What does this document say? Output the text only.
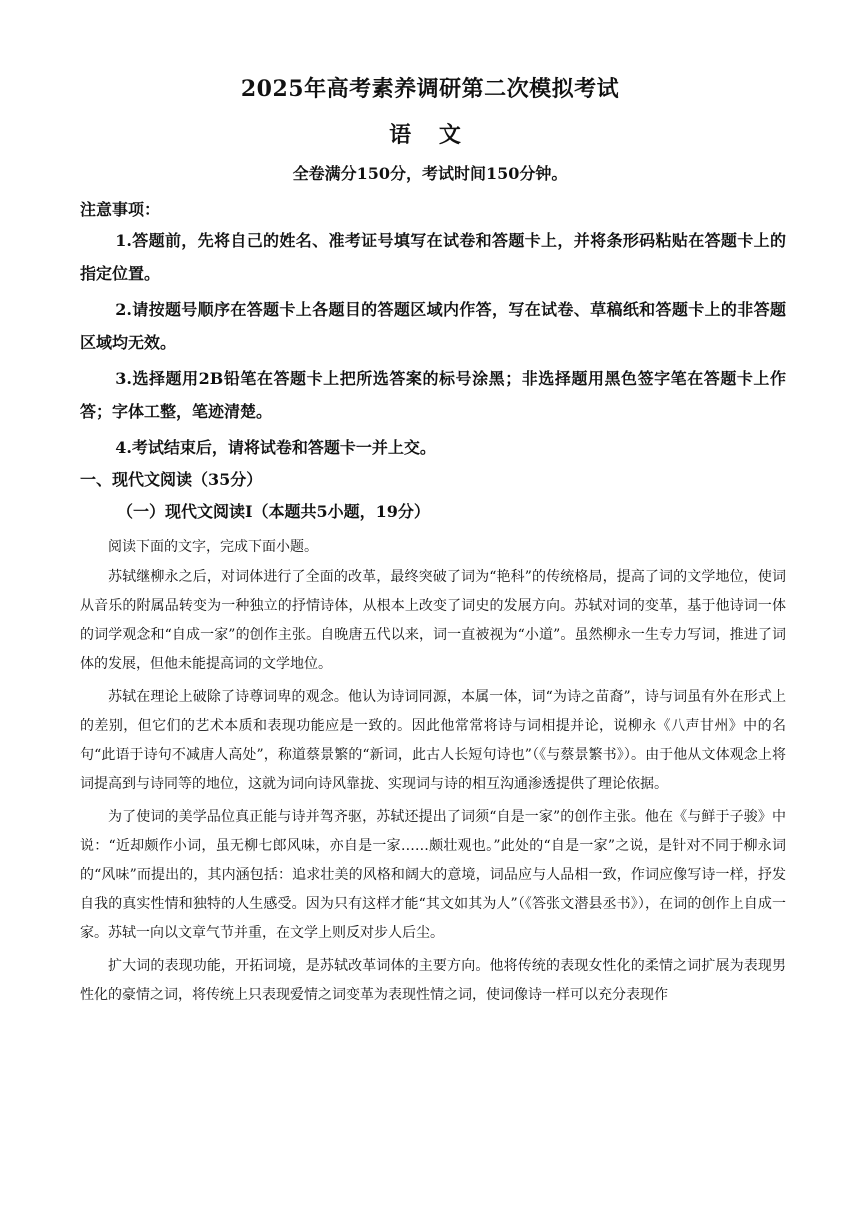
2025年高考素养调研第二次模拟考试
语 文
全卷满分150分，考试时间150分钟。
注意事项：
1.答题前，先将自己的姓名、准考证号填写在试卷和答题卡上，并将条形码粘贴在答题卡上的指定位置。
2.请按题号顺序在答题卡上各题目的答题区域内作答，写在试卷、草稿纸和答题卡上的非答题区域均无效。
3.选择题用2B铅笔在答题卡上把所选答案的标号涂黑；非选择题用黑色签字笔在答题卡上作答；字体工整，笔迹清楚。
4.考试结束后，请将试卷和答题卡一并上交。
一、现代文阅读（35分）
（一）现代文阅读Ⅰ（本题共5小题，19分）
阅读下面的文字，完成下面小题。

苏轼继柳永之后，对词体进行了全面的改革，最终突破了词为“艳科”的传统格局，提高了词的文学地位，使词从音乐的附属品转变为一种独立的抒情诗体，从根本上改变了词史的发展方向。苏轼对词的变革，基于他诗词一体的词学观念和“自成一家”的创作主张。自晚唐五代以来，词一直被视为“小道”。虽然柳永一生专力写词，推进了词体的发展，但他未能提高词的文学地位。

苏轼在理论上破除了诗尊词卑的观念。他认为诗词同源，本属一体，词“为诗之苗裔”，诗与词虽有外在形式上的差别，但它们的艺术本质和表现功能应是一致的。因此他常常将诗与词相提并论，说柳永《八声甘州》中的名句“此语于诗句不减唐人高处”，称道蔡景繁的“新词，此古人长短句诗也”（《与蔡景繁书》）。由于他从文体观念上将词提高到与诗同等的地位，这就为词向诗风靠拢、实现词与诗的相互沟通渗透提供了理论依据。

为了使词的美学品位真正能与诗并驾齐驱，苏轼还提出了词须“自是一家”的创作主张。他在《与鲜于子骏》中说：“近却颇作小词，虽无柳七郎风味，亦自是一家……颇壮观也。”此处的“自是一家”之说，是针对不同于柳永词的“风味”而提出的，其内涵包括：追求壮美的风格和阔大的意境，词品应与人品相一致，作词应像写诗一样，抒发自我的真实性情和独特的人生感受。因为只有这样才能“其文如其为人”（《答张文潜县丞书》），在词的创作上自成一家。苏轼一向以文章气节并重，在文学上则反对步人后尘。

扩大词的表现功能，开拓词境，是苏轼改革词体的主要方向。他将传统的表现女性化的柔情之词扩展为表现男性化的豪情之词，将传统上只表现爱情之词变革为表现性情之词，使词像诗一样可以充分表现作
